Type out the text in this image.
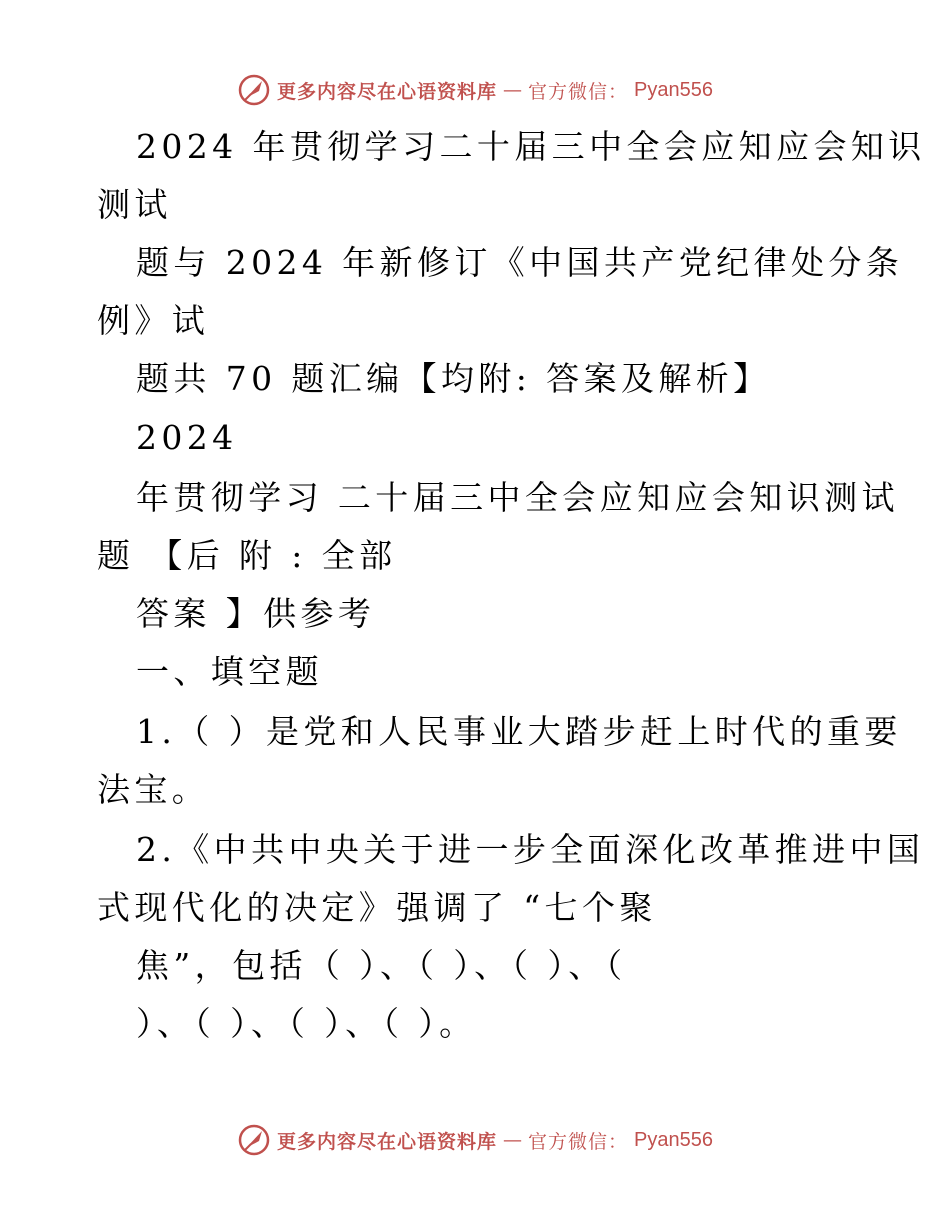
更多内容尽在心语资料库 — 官方微信： Pyan556
2024 年贯彻学习二十届三中全会应知应会知识
测试
题与 2024 年新修订《中国共产党纪律处分条
例》试
题共 70 题汇编【均附: 答案及解析】
2024
年贯彻学习 二十届三中全会应知应会知识测试
题 【后 附 : 全部
答案 】供参考
一、填空题
1.（ ）是党和人民事业大踏步赶上时代的重要
法宝。
2.《中共中央关于进一步全面深化改革推进中国
式现代化的决定》强调了 “七个聚
焦”，包括（ ）、（ ）、（ ）、（
）、（ ）、（ ）、（ ）。
更多内容尽在心语资料库 — 官方微信： Pyan556
